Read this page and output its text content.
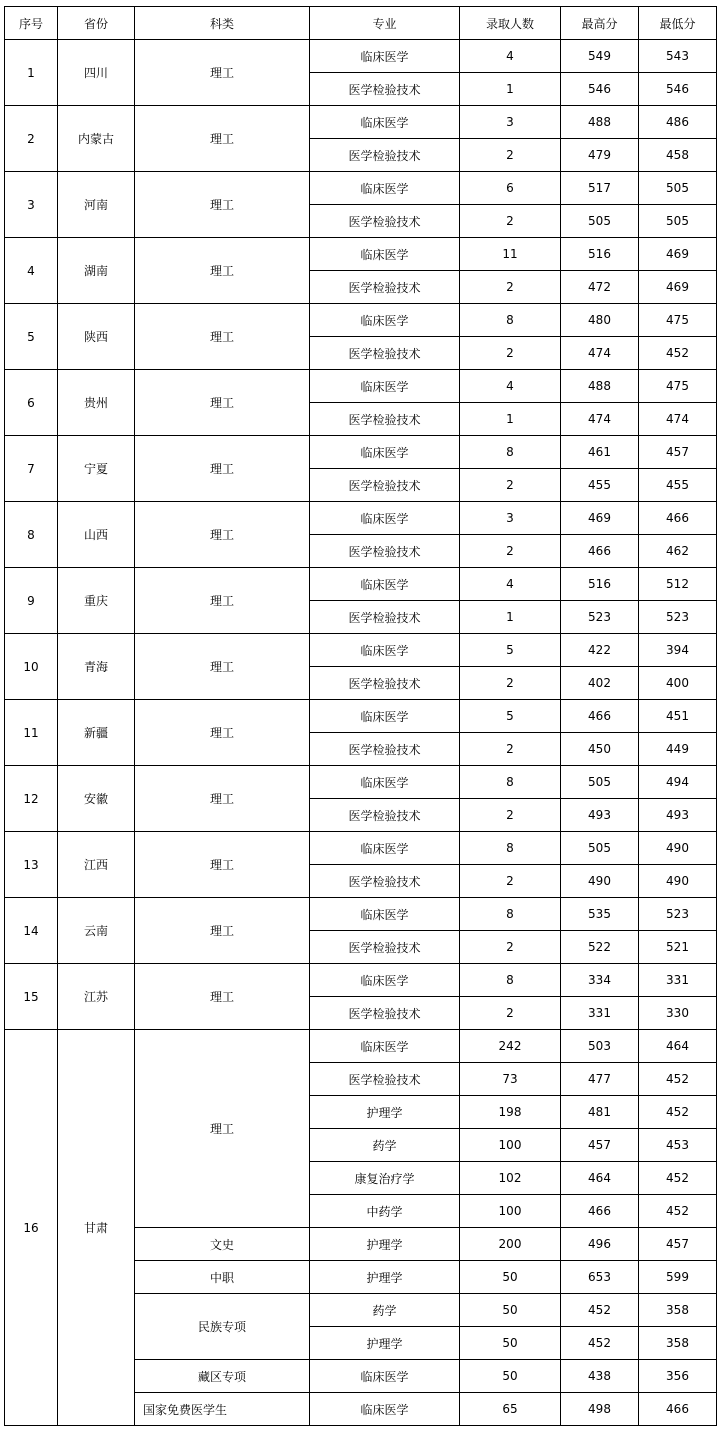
序号	省份	科类	专业	录取人数	最高分	最低分
1	四川	理工	临床医学	4	549	543
			医学检验技术	1	546	546
2	内蒙古	理工	临床医学	3	488	486
			医学检验技术	2	479	458
3	河南	理工	临床医学	6	517	505
			医学检验技术	2	505	505
4	湖南	理工	临床医学	11	516	469
			医学检验技术	2	472	469
5	陕西	理工	临床医学	8	480	475
			医学检验技术	2	474	452
6	贵州	理工	临床医学	4	488	475
			医学检验技术	1	474	474
7	宁夏	理工	临床医学	8	461	457
			医学检验技术	2	455	455
8	山西	理工	临床医学	3	469	466
			医学检验技术	2	466	462
9	重庆	理工	临床医学	4	516	512
			医学检验技术	1	523	523
10	青海	理工	临床医学	5	422	394
			医学检验技术	2	402	400
11	新疆	理工	临床医学	5	466	451
			医学检验技术	2	450	449
12	安徽	理工	临床医学	8	505	494
			医学检验技术	2	493	493
13	江西	理工	临床医学	8	505	490
			医学检验技术	2	490	490
14	云南	理工	临床医学	8	535	523
			医学检验技术	2	522	521
15	江苏	理工	临床医学	8	334	331
			医学检验技术	2	331	330
16	甘肃	理工	临床医学	242	503	464
			医学检验技术	73	477	452
			护理学	198	481	452
			药学	100	457	453
			康复治疗学	102	464	452
			中药学	100	466	452
		文史	护理学	200	496	457
		中职	护理学	50	653	599
		民族专项	药学	50	452	358
			护理学	50	452	358
		藏区专项	临床医学	50	438	356
		国家免费医学生	临床医学	65	498	466
